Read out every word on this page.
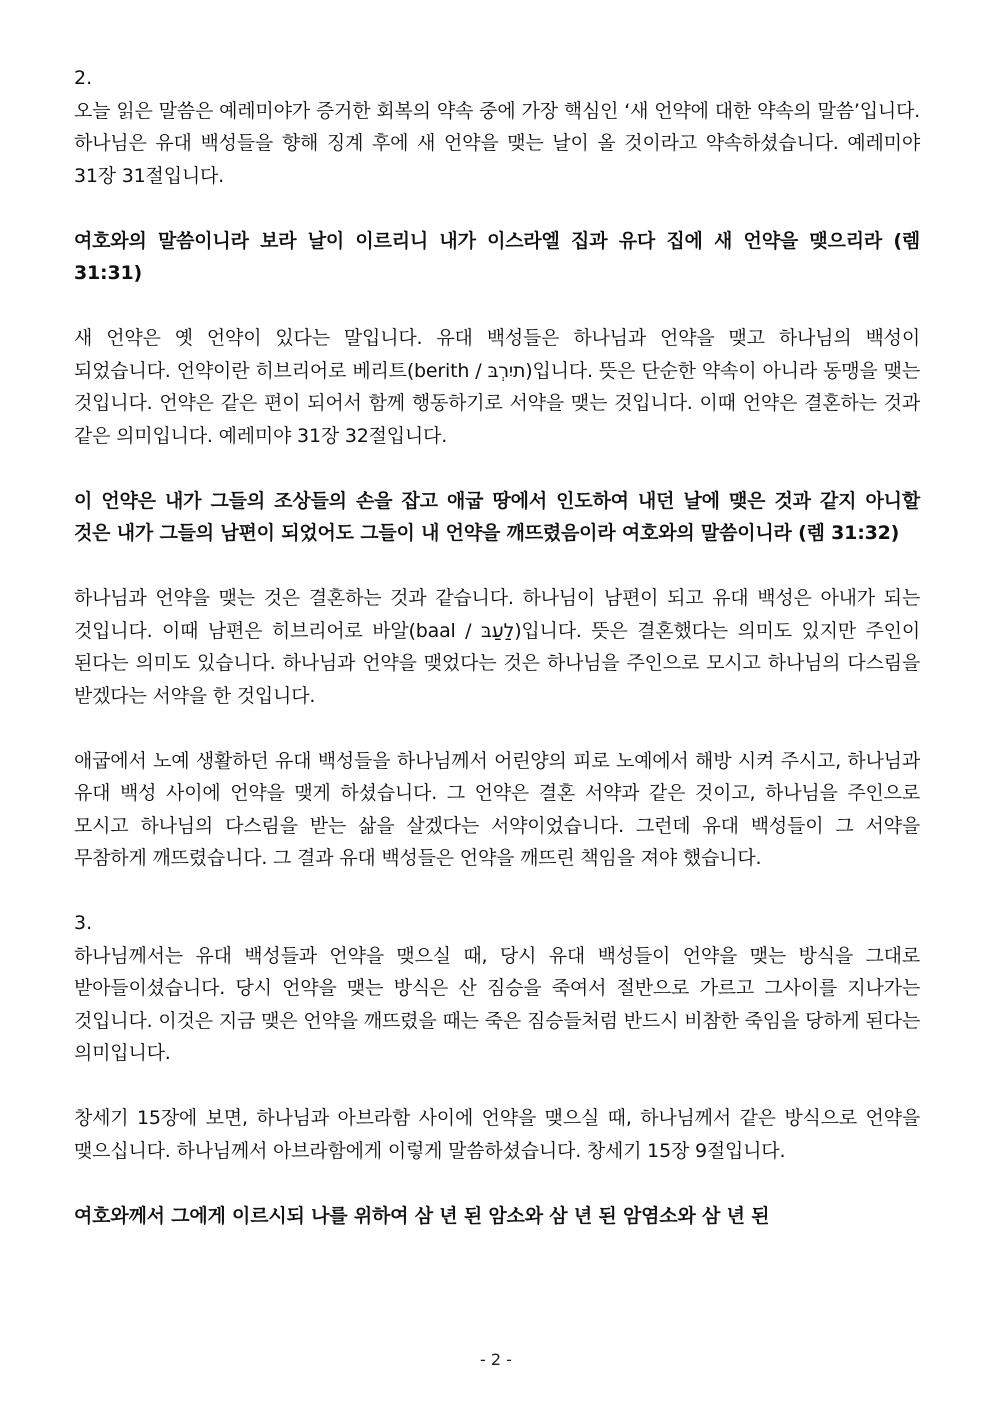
2.

오늘 읽은 말씀은 예레미야가 증거한 회복의 약속 중에 가장 핵심인 ‘새 언약에 대한 약속의 말씀’입니다. 하나님은 유대 백성들을 향해 징계 후에 새 언약을 맺는 날이 올 것이라고 약속하셨습니다. 예레미야 31장 31절입니다.

여호와의 말씀이니라 보라 날이 이르리니 내가 이스라엘 집과 유다 집에 새 언약을 맺으리라 (렘 31:31)

새 언약은 옛 언약이 있다는 말입니다. 유대 백성들은 하나님과 언약을 맺고 하나님의 백성이 되었습니다. 언약이란 히브리어로 베리트(berith / תיִרְבּ)입니다. 뜻은 단순한 약속이 아니라 동맹을 맺는 것입니다. 언약은 같은 편이 되어서 함께 행동하기로 서약을 맺는 것입니다. 이때 언약은 결혼하는 것과 같은 의미입니다. 예레미야 31장 32절입니다.

이 언약은 내가 그들의 조상들의 손을 잡고 애굽 땅에서 인도하여 내던 날에 맺은 것과 같지 아니할 것은 내가 그들의 남편이 되었어도 그들이 내 언약을 깨뜨렸음이라 여호와의 말씀이니라 (렘 31:32)

하나님과 언약을 맺는 것은 결혼하는 것과 같습니다. 하나님이 남편이 되고 유대 백성은 아내가 되는 것입니다. 이때 남편은 히브리어로 바알(baal / לַעַבּ)입니다. 뜻은 결혼했다는 의미도 있지만 주인이 된다는 의미도 있습니다. 하나님과 언약을 맺었다는 것은 하나님을 주인으로 모시고 하나님의 다스림을 받겠다는 서약을 한 것입니다.

애굽에서 노예 생활하던 유대 백성들을 하나님께서 어린양의 피로 노예에서 해방 시켜 주시고, 하나님과 유대 백성 사이에 언약을 맺게 하셨습니다. 그 언약은 결혼 서약과 같은 것이고, 하나님을 주인으로 모시고 하나님의 다스림을 받는 삶을 살겠다는 서약이었습니다. 그런데 유대 백성들이 그 서약을 무참하게 깨뜨렸습니다. 그 결과 유대 백성들은 언약을 깨뜨린 책임을 져야 했습니다.

3.

하나님께서는 유대 백성들과 언약을 맺으실 때, 당시 유대 백성들이 언약을 맺는 방식을 그대로 받아들이셨습니다. 당시 언약을 맺는 방식은 산 짐승을 죽여서 절반으로 가르고 그사이를 지나가는 것입니다. 이것은 지금 맺은 언약을 깨뜨렸을 때는 죽은 짐승들처럼 반드시 비참한 죽임을 당하게 된다는 의미입니다.

창세기 15장에 보면, 하나님과 아브라함 사이에 언약을 맺으실 때, 하나님께서 같은 방식으로 언약을 맺으십니다. 하나님께서 아브라함에게 이렇게 말씀하셨습니다. 창세기 15장 9절입니다.

여호와께서 그에게 이르시되 나를 위하여 삼 년 된 암소와 삼 년 된 암염소와 삼 년 된

- 2 -
